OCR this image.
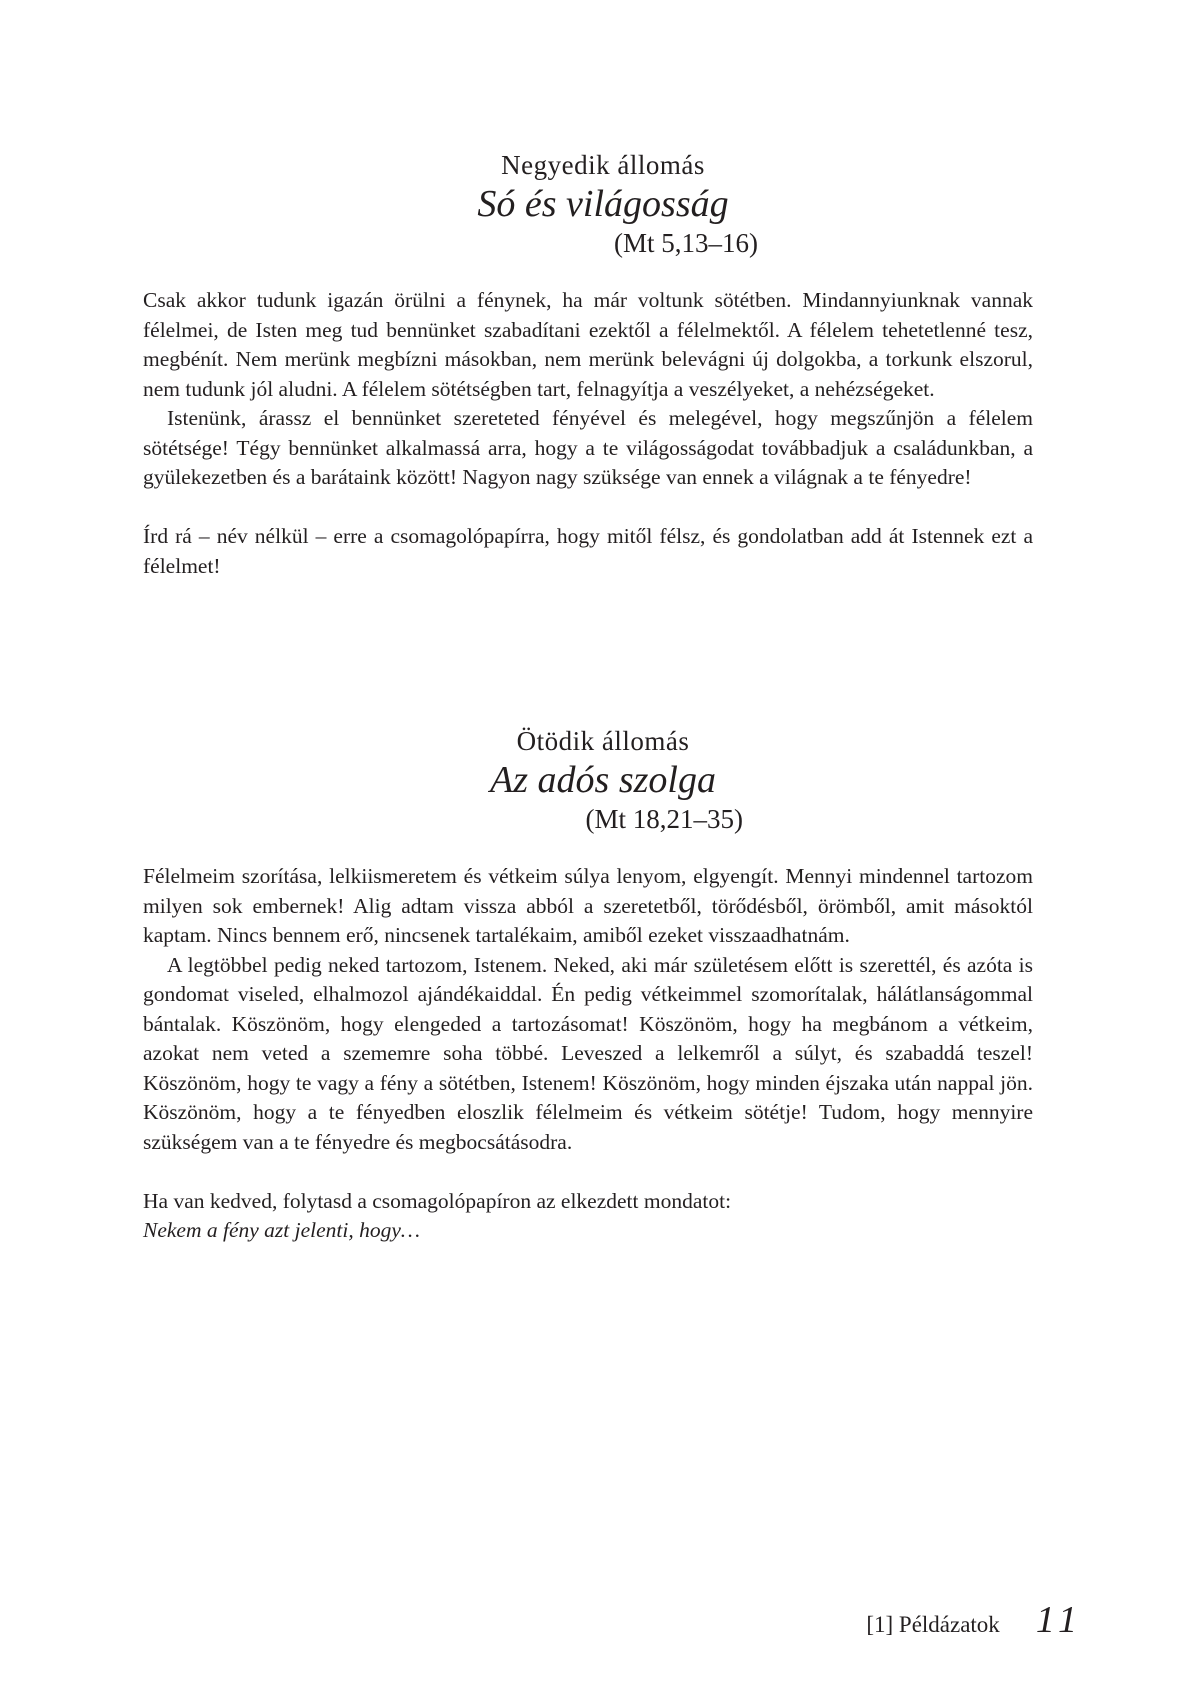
Negyedik állomás
Só és világosság
(Mt 5,13–16)

Csak akkor tudunk igazán örülni a fénynek, ha már voltunk sötétben. Mindannyiunknak vannak félelmei, de Isten meg tud bennünket szabadítani ezektől a félelmektől. A félelem tehetetlenné tesz, megbénít. Nem merünk megbízni másokban, nem merünk belevágni új dolgokba, a torkunk elszorul, nem tudunk jól aludni. A félelem sötétségben tart, felnagyítja a veszélyeket, a nehézségeket.

Istenünk, árassz el bennünket szereteted fényével és melegével, hogy megszűnjön a félelem sötétsége! Tégy bennünket alkalmassá arra, hogy a te világosságodat továbbadjuk a családunkban, a gyülekezetben és a barátaink között! Nagyon nagy szüksége van ennek a világnak a te fényedre!

Írd rá – név nélkül – erre a csomagolópapírra, hogy mitől félsz, és gondolatban add át Istennek ezt a félelmet!

Ötödik állomás
Az adós szolga
(Mt 18,21–35)

Félelmeim szorítása, lelkiismeretem és vétkeim súlya lenyom, elgyengít. Mennyi mindennel tartozom milyen sok embernek! Alig adtam vissza abból a szeretetből, törődésből, örömből, amit másoktól kaptam. Nincs bennem erő, nincsenek tartalékaim, amiből ezeket visszaadhatnám.

A legtöbbel pedig neked tartozom, Istenem. Neked, aki már születésem előtt is szerettél, és azóta is gondomat viseled, elhalmozol ajándékaiddal. Én pedig vétkeimmel szomorítalak, hálátlanságommal bántalak. Köszönöm, hogy elengeded a tartozásomat! Köszönöm, hogy ha megbánom a vétkeim, azokat nem veted a szememre soha többé. Leveszed a lelkemről a súlyt, és szabaddá teszel! Köszönöm, hogy te vagy a fény a sötétben, Istenem! Köszönöm, hogy minden éjszaka után nappal jön. Köszönöm, hogy a te fényedben eloszlik félelmeim és vétkeim sötétje! Tudom, hogy mennyire szükségem van a te fényedre és megbocsátásodra.

Ha van kedved, folytasd a csomagolópapíron az elkezdett mondatot:

Nekem a fény azt jelenti, hogy…

[1] Példázatok 11
